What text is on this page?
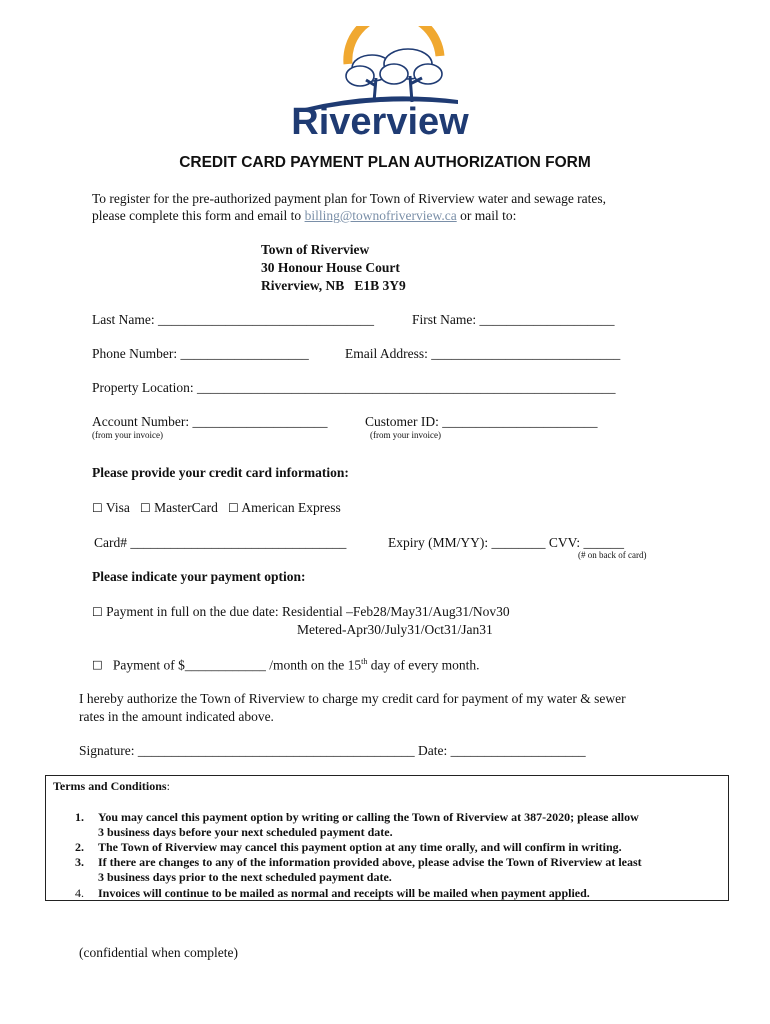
Riverview
CREDIT CARD PAYMENT PLAN AUTHORIZATION FORM
To register for the pre-authorized payment plan for Town of Riverview water and sewage rates,
please complete this form and email to billing@townofriverview.ca or mail to:
Town of Riverview
30 Honour House Court
Riverview, NB   E1B 3Y9
Last Name: ________________________________	First Name: ____________________
Phone Number: ___________________	Email Address: ____________________________
Property Location: ______________________________________________________________
Account Number: ____________________
(from your invoice)
Customer ID: _______________________
(from your invoice)
Please provide your credit card information:
☐ Visa ☐ MasterCard ☐ American Express
Card# ________________________________	Expiry (MM/YY): ________ CVV: ______
(# on back of card)
Please indicate your payment option:
☐ Payment in full on the due date: Residential –Feb28/May31/Aug31/Nov30
Metered-Apr30/July31/Oct31/Jan31
☐ Payment of $____________ /month on the 15th day of every month.
I hereby authorize the Town of Riverview to charge my credit card for payment of my water & sewer
rates in the amount indicated above.
Signature: _________________________________________ Date: ____________________
Terms and Conditions:
1. You may cancel this payment option by writing or calling the Town of Riverview at 387-2020; please allow
3 business days before your next scheduled payment date.
2. The Town of Riverview may cancel this payment option at any time orally, and will confirm in writing.
3. If there are changes to any of the information provided above, please advise the Town of Riverview at least
3 business days prior to the next scheduled payment date.
4. Invoices will continue to be mailed as normal and receipts will be mailed when payment applied.
(confidential when complete)
